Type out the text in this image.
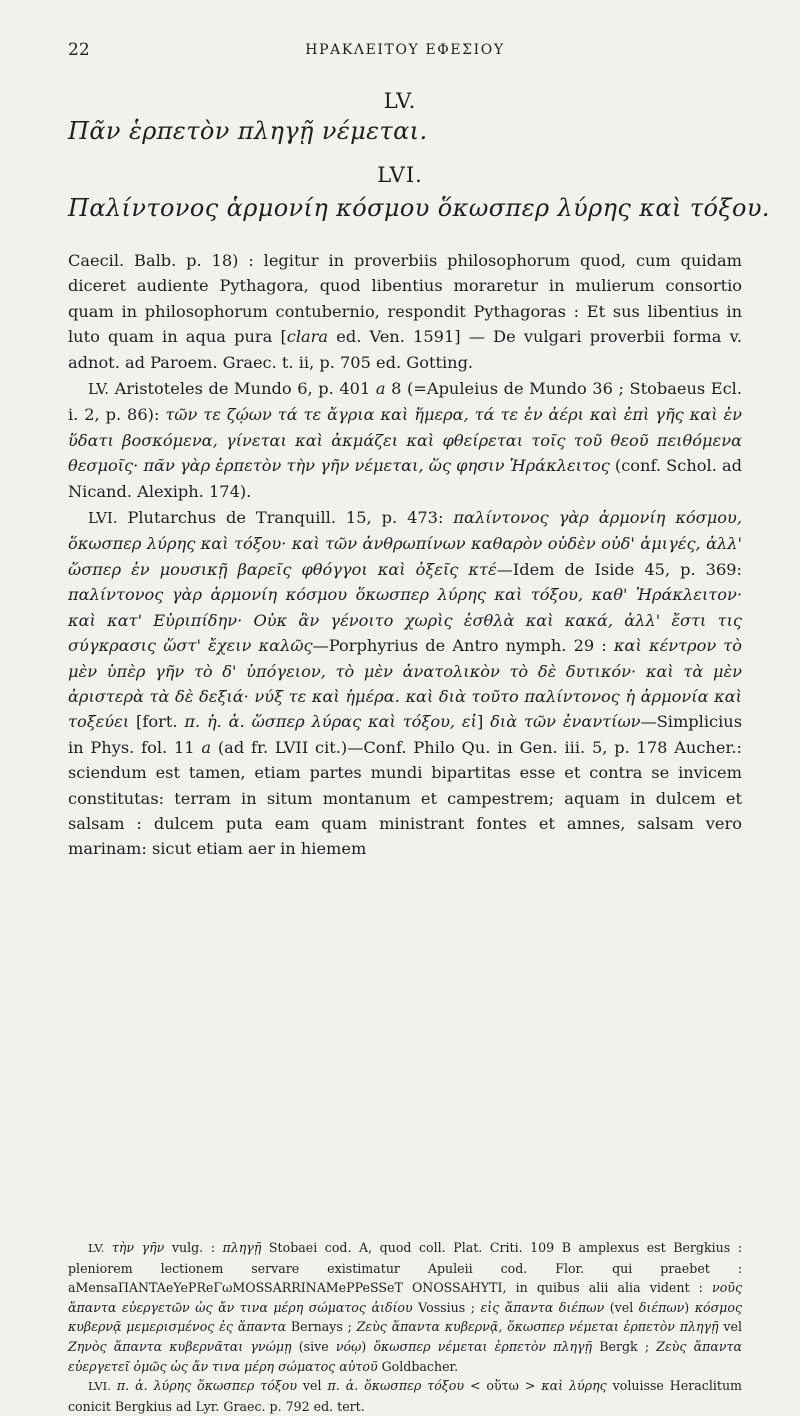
22	ΗΡΑΚΛΕΙΤΟΥ ΕΦΕΣΙΟΥ
LV.
Πᾶν ἑρπετὸν πληγῇ νέμεται.
LVI.
Παλίντονος ἁρμονίη κόσμου ὅκωσπερ λύρης καὶ τόξου.

Caecil. Balb. p. 18) : legitur in proverbiis philosophorum quod, cum quidam diceret audiente Pythagora, quod libentius moraretur in mulierum consortio quam in philosophorum contubernio, respondit Pythagoras : Et sus libentius in luto quam in aqua pura [clara ed. Ven. 1591] — De vulgari proverbii forma v. adnot. ad Paroem. Graec. t. ii, p. 705 ed. Gotting.

LV. Aristoteles de Mundo 6, p. 401 a 8 (=Apuleius de Mundo 36 ; Stobaeus Ecl. i. 2, p. 86): τῶν τε ζῴων τά τε ἄγρια καὶ ἥμερα, τά τε ἐν ἀέρι καὶ ἐπὶ γῆς καὶ ἐν ὕδατι βοσκόμενα, γίνεται καὶ ἀκμάζει καὶ φθείρεται τοῖς τοῦ θεοῦ πειθόμενα θεσμοῖς· πᾶν γὰρ ἑρπετὸν τὴν γῆν νέμεται, ὥς φησιν Ἡράκλειτος (conf. Schol. ad Nicand. Alexiph. 174).

LVI. Plutarchus de Tranquill. 15, p. 473: παλίντονος γὰρ ἁρμονίη κόσμου, ὅκωσπερ λύρης καὶ τόξου· καὶ τῶν ἀνθρωπίνων καθαρὸν οὐδὲν οὐδ' ἀμιγές, ἀλλ' ὥσπερ ἐν μουσικῇ βαρεῖς φθόγγοι καὶ ὀξεῖς κτέ—Idem de Iside 45, p. 369: παλίντονος γὰρ ἁρμονίη κόσμου ὅκωσπερ λύρης καὶ τόξου, καθ' Ἡράκλειτον· καὶ κατ' Εὐριπίδην· Οὐκ ἂν γένοιτο χωρὶς ἐσθλὰ καὶ κακά, ἀλλ' ἔστι τις σύγκρασις ὥστ' ἔχειν καλῶς—Porphyrius de Antro nymph. 29 : καὶ κέντρον τὸ μὲν ὑπὲρ γῆν τὸ δ' ὑπόγειον, τὸ μὲν ἀνατολικὸν τὸ δὲ δυτικόν· καὶ τὰ μὲν ἀριστερὰ τὰ δὲ δεξιά· νύξ τε καὶ ἡμέρα. καὶ διὰ τοῦτο παλίντονος ἡ ἁρμονία καὶ τοξεύει [fort. π. ἡ. ἁ. ὥσπερ λύρας καὶ τόξου, εἰ] διὰ τῶν ἐναντίων—Simplicius in Phys. fol. 11 a (ad fr. LVII cit.)—Conf. Philo Qu. in Gen. iii. 5, p. 178 Aucher.: sciendum est tamen, etiam partes mundi bipartitas esse et contra se invicem constitutas: terram in situm montanum et campestrem; aquam in dulcem et salsam : dulcem puta eam quam ministrant fontes et amnes, salsam vero marinam: sicut etiam aer in hiemem

LV. τὴν γῆν vulg. : πληγῇ Stobaei cod. A, quod coll. Plat. Criti. 109 B amplexus est Bergkius : pleniorem lectionem servare existimatur Apuleii cod. Flor. qui praebet : aMensaПANTAeYePReΓωMOSSARRINAMePPeSSeT ONOSSAHYTI, in quibus alii alia vident : νοῦς ἅπαντα εὐεργετῶν ὡς ἄν τινα μέρη σώματος ἀιδίου Vossius ; εἰς ἅπαντα διέπων (vel διέπων) κόσμος κυβερνᾷ μεμερισμένος ἐς ἅπαντα Bernays ; Ζεὺς ἅπαντα κυβερνᾷ, ὅκωσπερ νέμεται ἑρπετὸν πληγῇ vel Ζηνὸς ἅπαντα κυβερνᾶται γνώμῃ (sive νόῳ) ὅκωσπερ νέμεται ἑρπετὸν πληγῇ Bergk ; Ζεὺς ἅπαντα εὐεργετεῖ ὁμῶς ὡς ἄν τινα μέρη σώματος αὐτοῦ Goldbacher.

LVI. π. ἁ. λύρης ὅκωσπερ τόξου vel π. ἁ. ὅκωσπερ τόξου < οὕτω > καὶ λύρης voluisse Heraclitum conicit Bergkius ad Lyr. Graec. p. 792 ed. tert.
